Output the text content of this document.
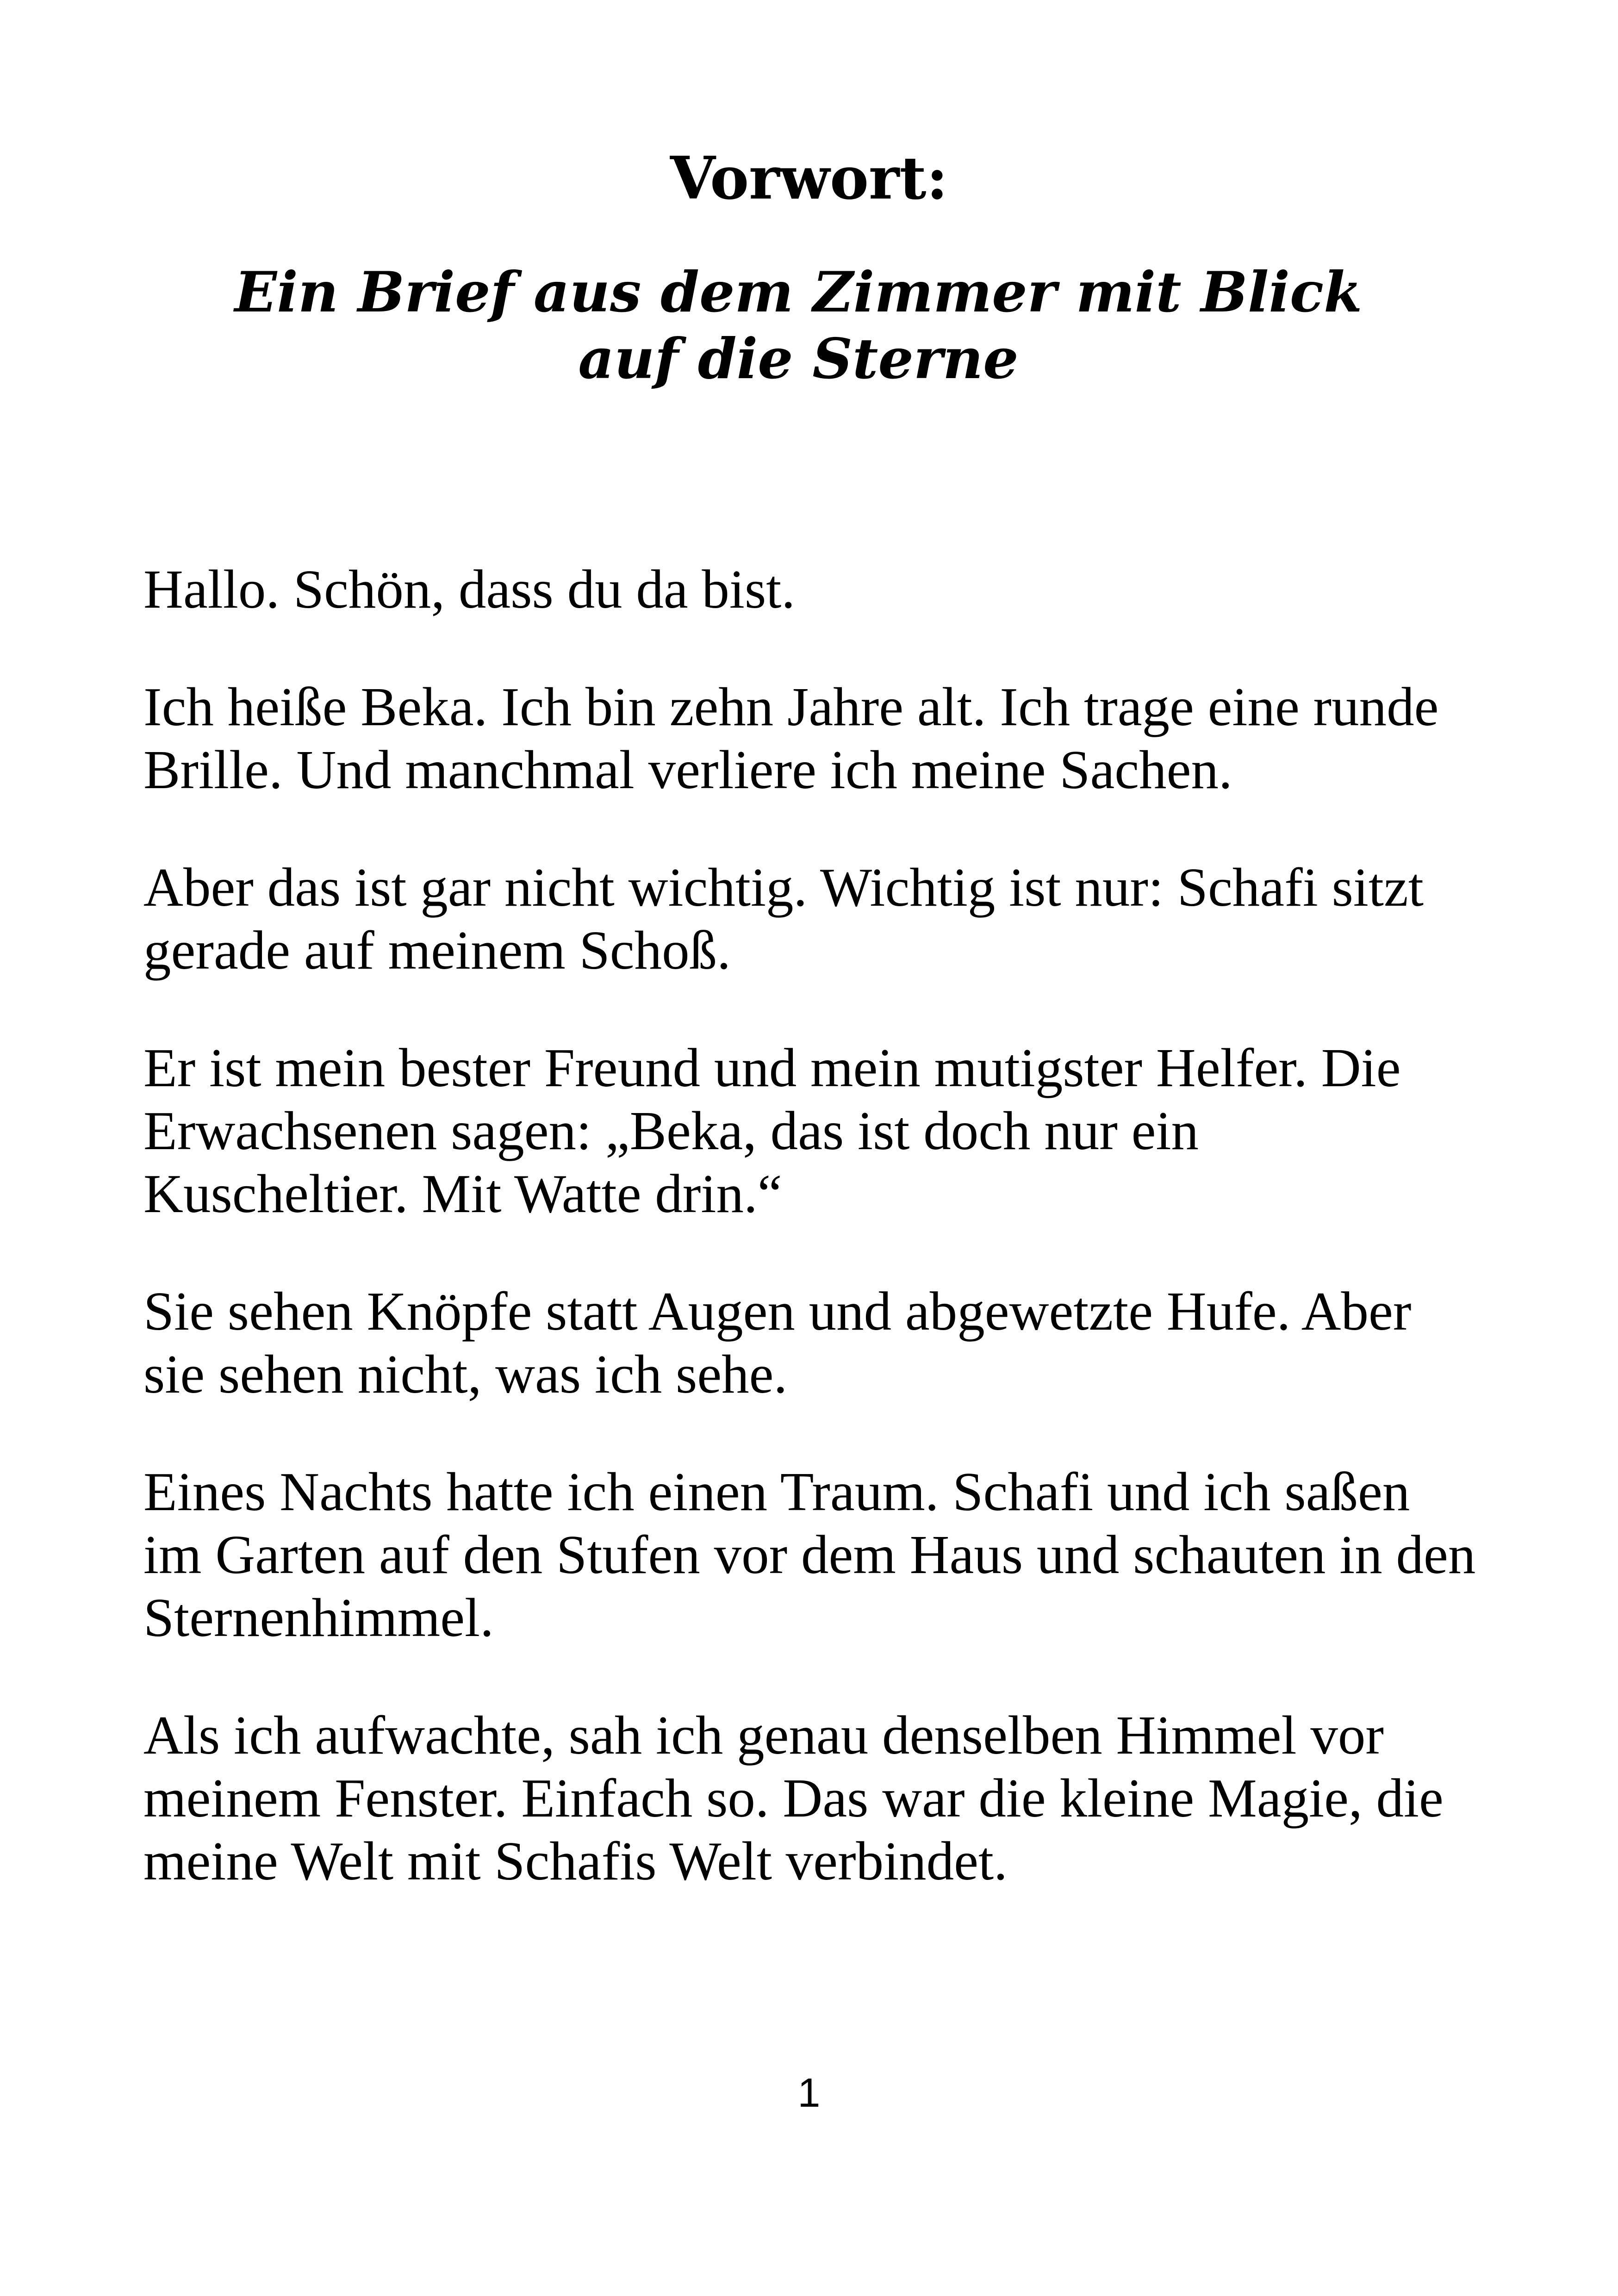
Vorwort:
Ein Brief aus dem Zimmer mit Blick auf die Sterne

Hallo. Schön, dass du da bist.

Ich heiße Beka. Ich bin zehn Jahre alt. Ich trage eine runde Brille. Und manchmal verliere ich meine Sachen.

Aber das ist gar nicht wichtig. Wichtig ist nur: Schafi sitzt gerade auf meinem Schoß.

Er ist mein bester Freund und mein mutigster Helfer. Die Erwachsenen sagen: „Beka, das ist doch nur ein Kuscheltier. Mit Watte drin.“

Sie sehen Knöpfe statt Augen und abgewetzte Hufe. Aber sie sehen nicht, was ich sehe.

Eines Nachts hatte ich einen Traum. Schafi und ich saßen im Garten auf den Stufen vor dem Haus und schauten in den Sternenhimmel.

Als ich aufwachte, sah ich genau denselben Himmel vor meinem Fenster. Einfach so. Das war die kleine Magie, die meine Welt mit Schafis Welt verbindet.

1
